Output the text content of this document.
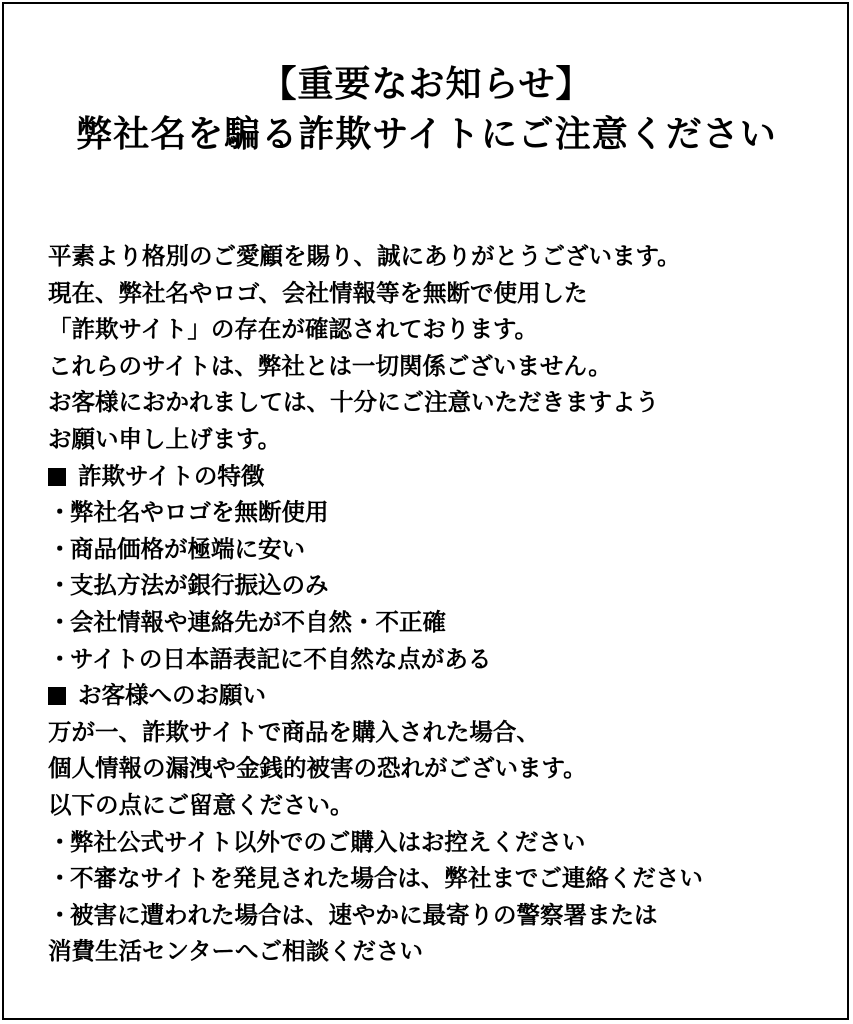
【重要なお知らせ】
弊社名を騙る詐欺サイトにご注意ください
平素より格別のご愛顧を賜り、誠にありがとうございます。
現在、弊社名やロゴ、会社情報等を無断で使用した
「詐欺サイト」の存在が確認されております。
これらのサイトは、弊社とは一切関係ございません。
お客様におかれましては、十分にご注意いただきますよう
お願い申し上げます。
詐欺サイトの特徴
・弊社名やロゴを無断使用
・商品価格が極端に安い
・支払方法が銀行振込のみ
・会社情報や連絡先が不自然・不正確
・サイトの日本語表記に不自然な点がある
お客様へのお願い
万が一、詐欺サイトで商品を購入された場合、
個人情報の漏洩や金銭的被害の恐れがございます。
以下の点にご留意ください。
・弊社公式サイト以外でのご購入はお控えください
・不審なサイトを発見された場合は、弊社までご連絡ください
・被害に遭われた場合は、速やかに最寄りの警察署または
消費生活センターへご相談ください
